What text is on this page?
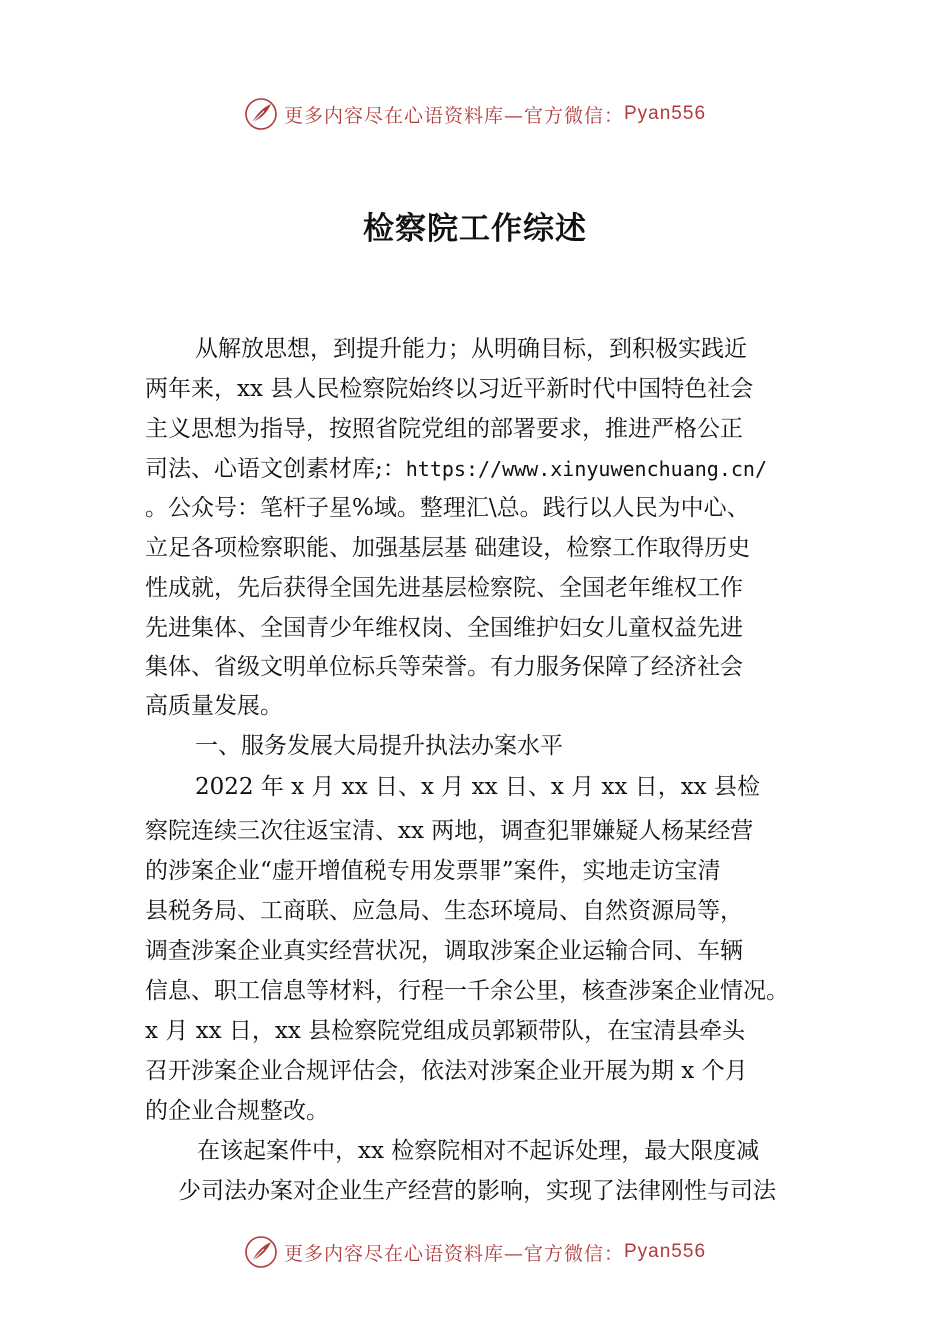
更多内容尽在心语资料库—官方微信： Pyan556
检察院工作综述
从解放思想，到提升能力；从明确目标，到积极实践近
两年来，xx 县人民检察院始终以习近平新时代中国特色社会
主义思想为指导，按照省院党组的部署要求，推进严格公正
司法、心语文创素材库;：https://www.xinyuwenchuang.cn/
。公众号：笔杆子星%域。整理汇\总。践行以人民为中心、
立足各项检察职能、加强基层基 础建设，检察工作取得历史
性成就，先后获得全国先进基层检察院、全国老年维权工作
先进集体、全国青少年维权岗、全国维护妇女儿童权益先进
集体、省级文明单位标兵等荣誉。有力服务保障了经济社会
高质量发展。
一、服务发展大局提升执法办案水平
2022 年 x 月 xx 日、x 月 xx 日、x 月 xx 日，xx 县检
察院连续三次往返宝清、xx 两地，调查犯罪嫌疑人杨某经营
的涉案企业“虚开增值税专用发票罪”案件，实地走访宝清
县税务局、工商联、应急局、生态环境局、自然资源局等，
调查涉案企业真实经营状况，调取涉案企业运输合同、车辆
信息、职工信息等材料，行程一千余公里，核查涉案企业情况。
x 月 xx 日，xx 县检察院党组成员郭颖带队，在宝清县牵头
召开涉案企业合规评估会，依法对涉案企业开展为期 x 个月
的企业合规整改。
在该起案件中，xx 检察院相对不起诉处理，最大限度减
少司法办案对企业生产经营的影响，实现了法律刚性与司法
更多内容尽在心语资料库—官方微信： Pyan556
